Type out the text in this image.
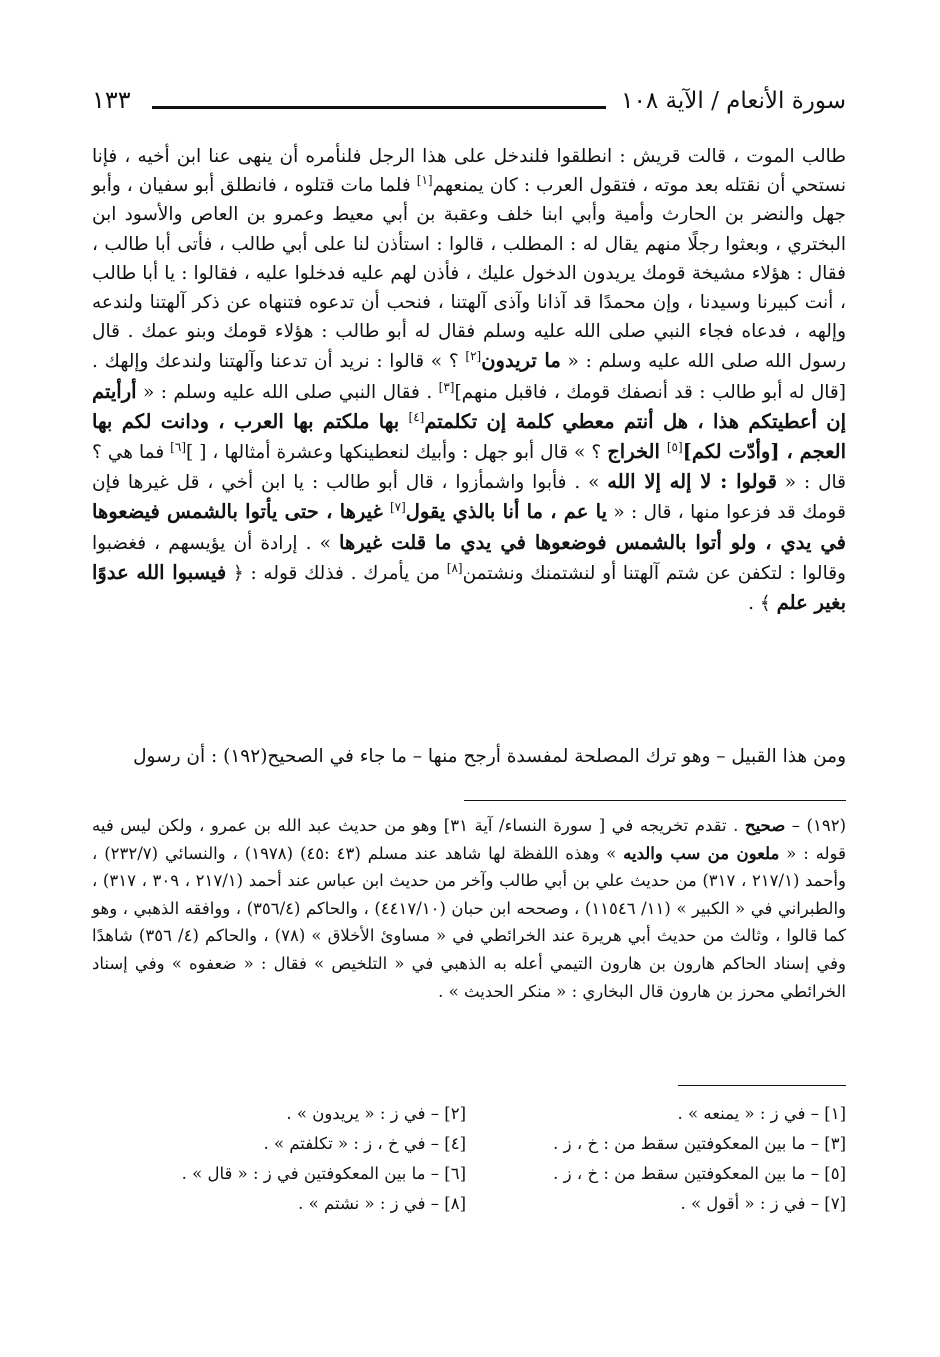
سورة الأنعام / الآية ١٠٨
١٣٣
طالب الموت ، قالت قريش : انطلقوا فلندخل على هذا الرجل فلنأمره أن ينهى عنا ابن أخيه ، فإنا نستحي أن نقتله بعد موته ، فتقول العرب : كان يمنعهم[١] فلما مات قتلوه ، فانطلق أبو سفيان ، وأبو جهل والنضر بن الحارث وأمية وأبي ابنا خلف وعقبة بن أبي معيط وعمرو بن العاص والأسود ابن البختري ، وبعثوا رجلًا منهم يقال له : المطلب ، قالوا : استأذن لنا على أبي طالب ، فأتى أبا طالب ، فقال : هؤلاء مشيخة قومك يريدون الدخول عليك ، فأذن لهم عليه فدخلوا عليه ، فقالوا : يا أبا طالب ، أنت كبيرنا وسيدنا ، وإن محمدًا قد آذانا وآذى آلهتنا ، فنحب أن تدعوه فتنهاه عن ذكر آلهتنا ولندعه وإلهه ، فدعاه فجاء النبي صلى الله عليه وسلم فقال له أبو طالب : هؤلاء قومك وبنو عمك . قال رسول الله صلى الله عليه وسلم : « ما تريدون[٢] ؟ » قالوا : نريد أن تدعنا وآلهتنا ولندعك وإلهك . [قال له أبو طالب : قد أنصفك قومك ، فاقبل منهم][٣] . فقال النبي صلى الله عليه وسلم : « أرأيتم إن أعطيتكم هذا ، هل أنتم معطي كلمة إن تكلمتم[٤] بها ملكتم بها العرب ، ودانت لكم بها العجم ، [وأدّت لكم][٥] الخراج ؟ » قال أبو جهل : وأبيك لنعطينكها وعشرة أمثالها ، [ ][٦] فما هي ؟ قال : « قولوا : لا إله إلا الله » . فأبوا واشمأزوا ، قال أبو طالب : يا ابن أخي ، قل غيرها فإن قومك قد فزعوا منها ، قال : « يا عم ، ما أنا بالذي يقول[٧] غيرها ، حتى يأتوا بالشمس فيضعوها في يدي ، ولو أتوا بالشمس فوضعوها في يدي ما قلت غيرها » . إرادة أن يؤيسهم ، فغضبوا وقالوا : لتكفن عن شتم آلهتنا أو لنشتمنك ونشتمن[٨] من يأمرك . فذلك قوله : ﴿ فيسبوا الله عدوًا بغير علم ﴾ .
ومن هذا القبيل – وهو ترك المصلحة لمفسدة أرجح منها – ما جاء في الصحيح(١٩٢) : أن رسول
(١٩٢) – صحيح . تقدم تخريجه في [ سورة النساء/ آية ٣١] وهو من حديث عبد الله بن عمرو ، ولكن ليس فيه قوله : « ملعون من سب والديه » وهذه اللفظة لها شاهد عند مسلم (٤٣ :٤٥) (١٩٧٨) ، والنسائي (٢٣٢/٧) ، وأحمد (٢١٧/١ ، ٣١٧) من حديث علي بن أبي طالب وآخر من حديث ابن عباس عند أحمد (٢١٧/١ ، ٣٠٩ ، ٣١٧) ، والطبراني في « الكبير » (١١/ ١١٥٤٦) ، وصححه ابن حبان (٤٤١٧/١٠) ، والحاكم (٣٥٦/٤) ، ووافقه الذهبي ، وهو كما قالوا ، وثالث من حديث أبي هريرة عند الخرائطي في « مساوئ الأخلاق » (٧٨) ، والحاكم (٤/ ٣٥٦) شاهدًا وفي إسناد الحاكم هارون بن هارون التيمي أعله به الذهبي في « التلخيص » فقال : « ضعفوه » وفي إسناد الخرائطي محرز بن هارون قال البخاري : « منكر الحديث » .
[١] – في ز : « يمنعه » .
[٢] – في ز : « يريدون » .
[٣] – ما بين المعكوفتين سقط من : خ ، ز .
[٤] – في خ ، ز : « تكلفتم » .
[٥] – ما بين المعكوفتين سقط من : خ ، ز .
[٦] – ما بين المعكوفتين في ز : « قال » .
[٧] – في ز : « أقول » .
[٨] – في ز : « نشتم » .
